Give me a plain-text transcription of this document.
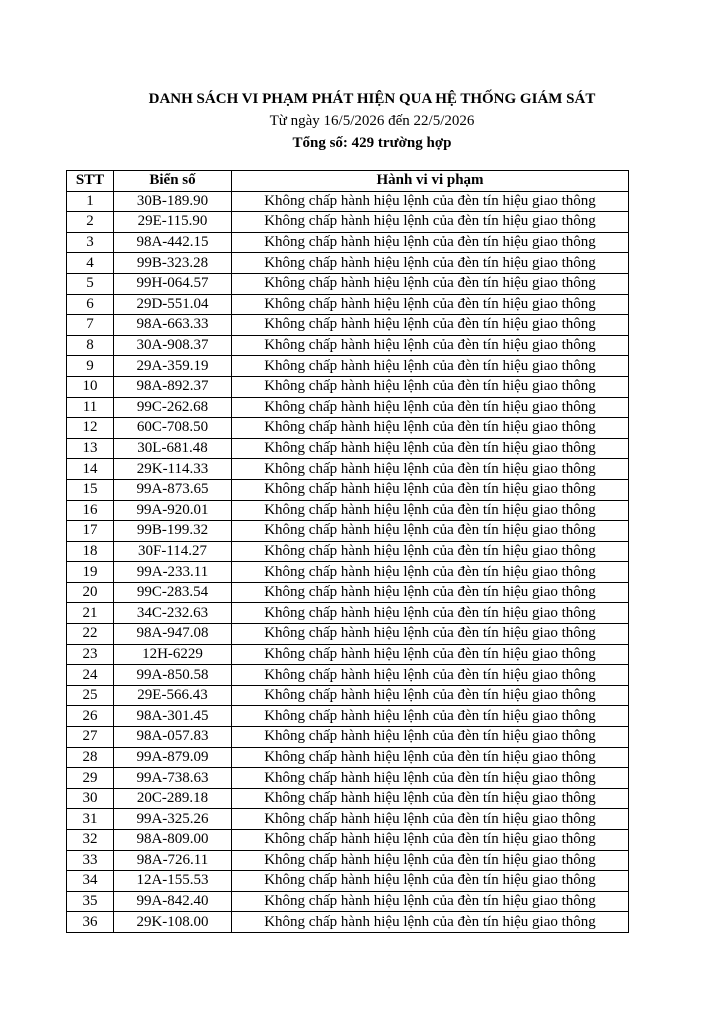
DANH SÁCH VI PHẠM PHÁT HIỆN QUA HỆ THỐNG GIÁM SÁT
Từ ngày 16/5/2026 đến 22/5/2026
Tổng số: 429 trường hợp
STT	Biển số	Hành vi vi phạm
1	30B-189.90	Không chấp hành hiệu lệnh của đèn tín hiệu giao thông
2	29E-115.90	Không chấp hành hiệu lệnh của đèn tín hiệu giao thông
3	98A-442.15	Không chấp hành hiệu lệnh của đèn tín hiệu giao thông
4	99B-323.28	Không chấp hành hiệu lệnh của đèn tín hiệu giao thông
5	99H-064.57	Không chấp hành hiệu lệnh của đèn tín hiệu giao thông
6	29D-551.04	Không chấp hành hiệu lệnh của đèn tín hiệu giao thông
7	98A-663.33	Không chấp hành hiệu lệnh của đèn tín hiệu giao thông
8	30A-908.37	Không chấp hành hiệu lệnh của đèn tín hiệu giao thông
9	29A-359.19	Không chấp hành hiệu lệnh của đèn tín hiệu giao thông
10	98A-892.37	Không chấp hành hiệu lệnh của đèn tín hiệu giao thông
11	99C-262.68	Không chấp hành hiệu lệnh của đèn tín hiệu giao thông
12	60C-708.50	Không chấp hành hiệu lệnh của đèn tín hiệu giao thông
13	30L-681.48	Không chấp hành hiệu lệnh của đèn tín hiệu giao thông
14	29K-114.33	Không chấp hành hiệu lệnh của đèn tín hiệu giao thông
15	99A-873.65	Không chấp hành hiệu lệnh của đèn tín hiệu giao thông
16	99A-920.01	Không chấp hành hiệu lệnh của đèn tín hiệu giao thông
17	99B-199.32	Không chấp hành hiệu lệnh của đèn tín hiệu giao thông
18	30F-114.27	Không chấp hành hiệu lệnh của đèn tín hiệu giao thông
19	99A-233.11	Không chấp hành hiệu lệnh của đèn tín hiệu giao thông
20	99C-283.54	Không chấp hành hiệu lệnh của đèn tín hiệu giao thông
21	34C-232.63	Không chấp hành hiệu lệnh của đèn tín hiệu giao thông
22	98A-947.08	Không chấp hành hiệu lệnh của đèn tín hiệu giao thông
23	12H-6229	Không chấp hành hiệu lệnh của đèn tín hiệu giao thông
24	99A-850.58	Không chấp hành hiệu lệnh của đèn tín hiệu giao thông
25	29E-566.43	Không chấp hành hiệu lệnh của đèn tín hiệu giao thông
26	98A-301.45	Không chấp hành hiệu lệnh của đèn tín hiệu giao thông
27	98A-057.83	Không chấp hành hiệu lệnh của đèn tín hiệu giao thông
28	99A-879.09	Không chấp hành hiệu lệnh của đèn tín hiệu giao thông
29	99A-738.63	Không chấp hành hiệu lệnh của đèn tín hiệu giao thông
30	20C-289.18	Không chấp hành hiệu lệnh của đèn tín hiệu giao thông
31	99A-325.26	Không chấp hành hiệu lệnh của đèn tín hiệu giao thông
32	98A-809.00	Không chấp hành hiệu lệnh của đèn tín hiệu giao thông
33	98A-726.11	Không chấp hành hiệu lệnh của đèn tín hiệu giao thông
34	12A-155.53	Không chấp hành hiệu lệnh của đèn tín hiệu giao thông
35	99A-842.40	Không chấp hành hiệu lệnh của đèn tín hiệu giao thông
36	29K-108.00	Không chấp hành hiệu lệnh của đèn tín hiệu giao thông
